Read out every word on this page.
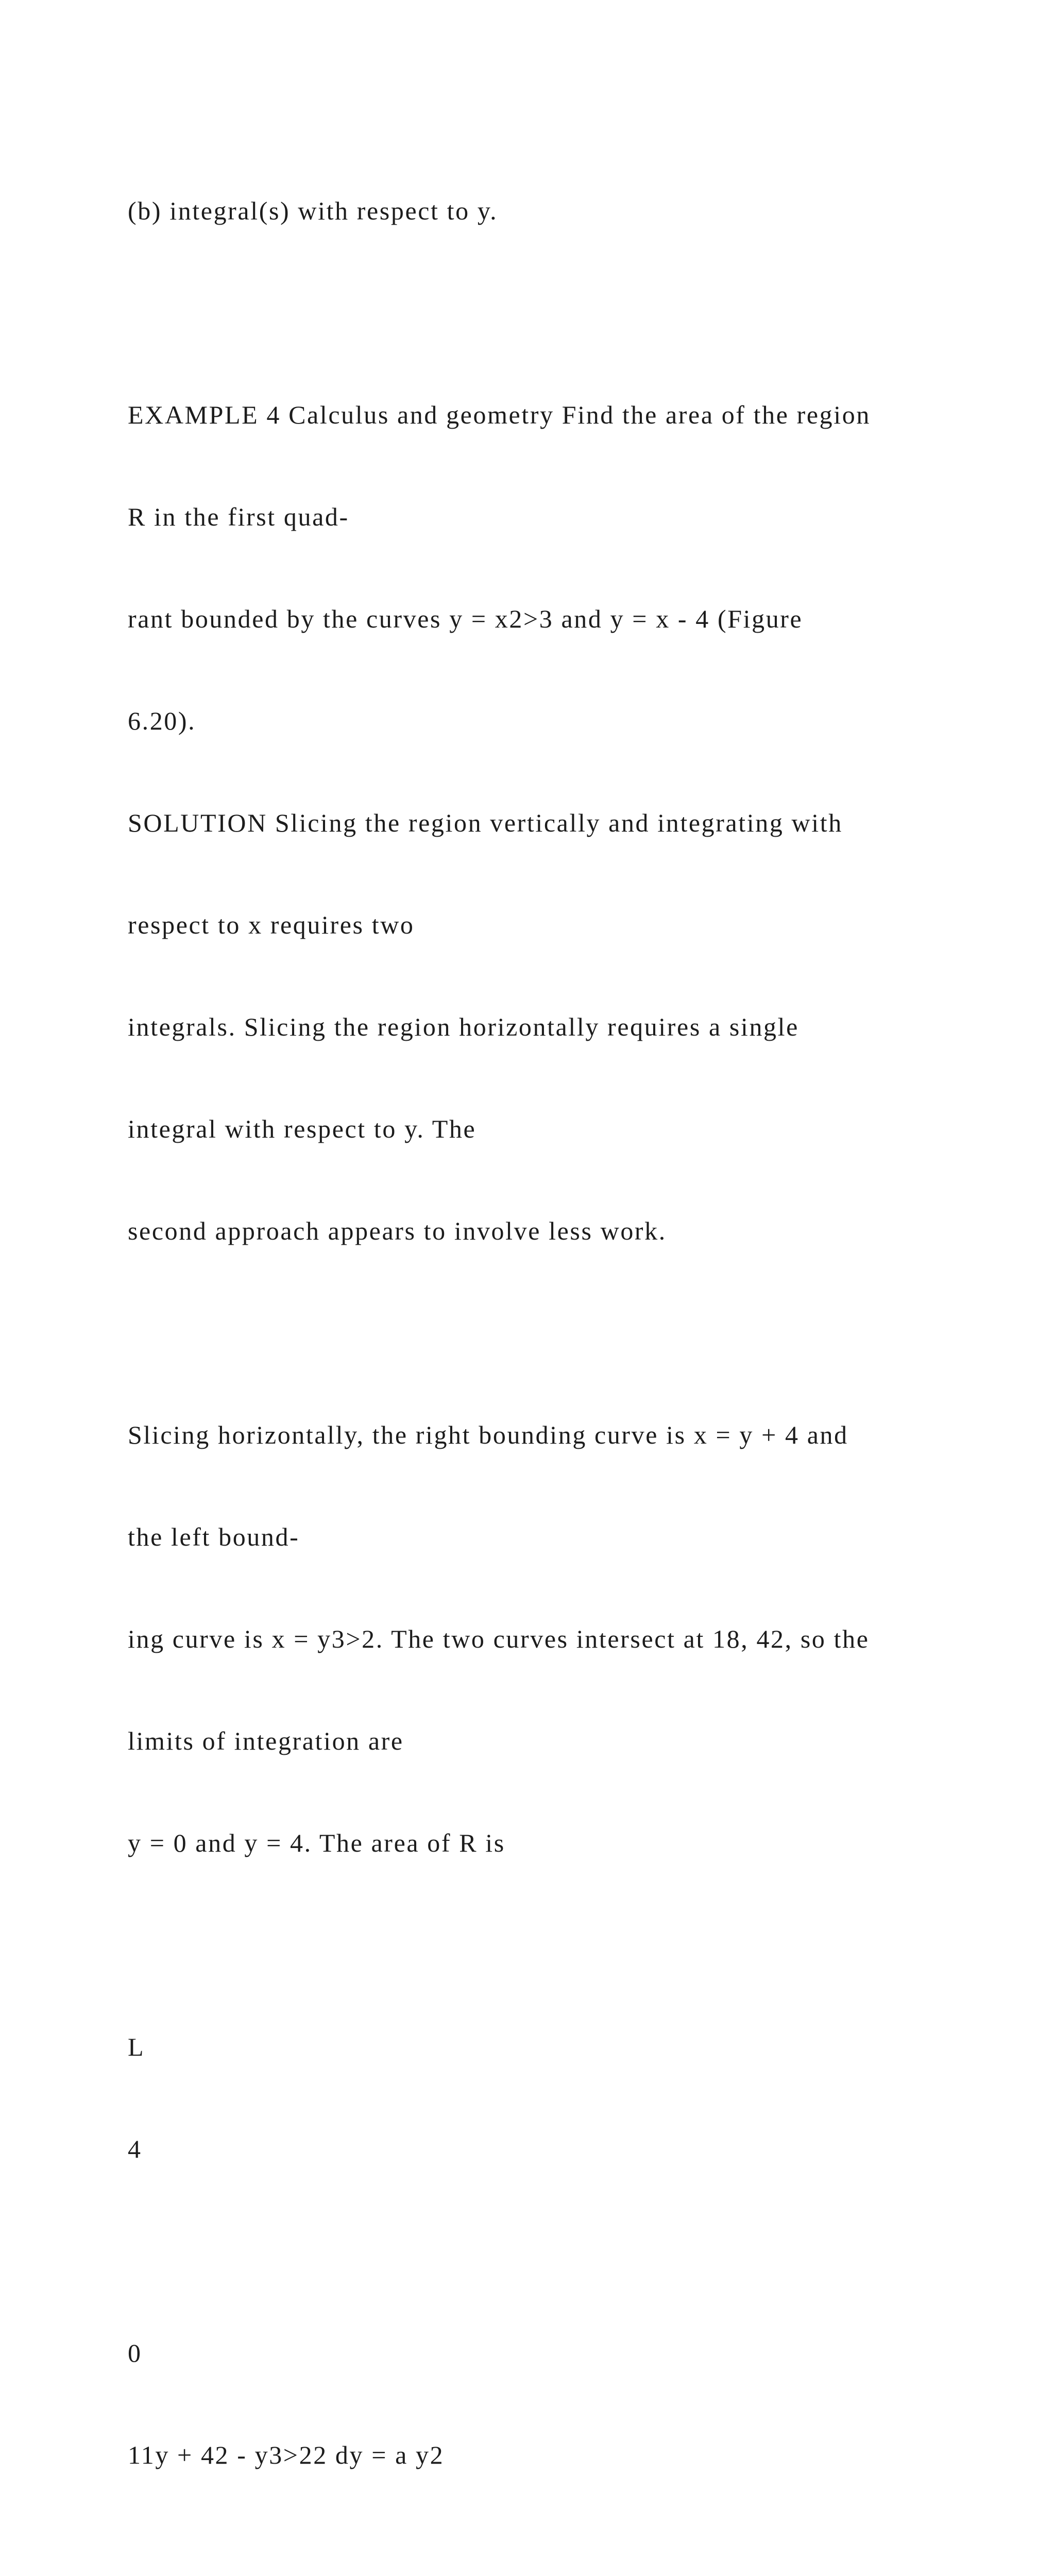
(b) integral(s) with respect to y.

EXAMPLE 4 Calculus and geometry Find the area of the region

R in the first quad-

rant bounded by the curves y = x2>3 and y = x - 4 (Figure

6.20).

SOLUTION Slicing the region vertically and integrating with

respect to x requires two

integrals. Slicing the region horizontally requires a single

integral with respect to y. The

second approach appears to involve less work.

Slicing horizontally, the right bounding curve is x = y + 4 and

the left bound-

ing curve is x = y3>2. The two curves intersect at 18, 42, so the

limits of integration are

y = 0 and y = 4. The area of R is

L

4

0

11y + 42 - y3>22 dy = a y2
